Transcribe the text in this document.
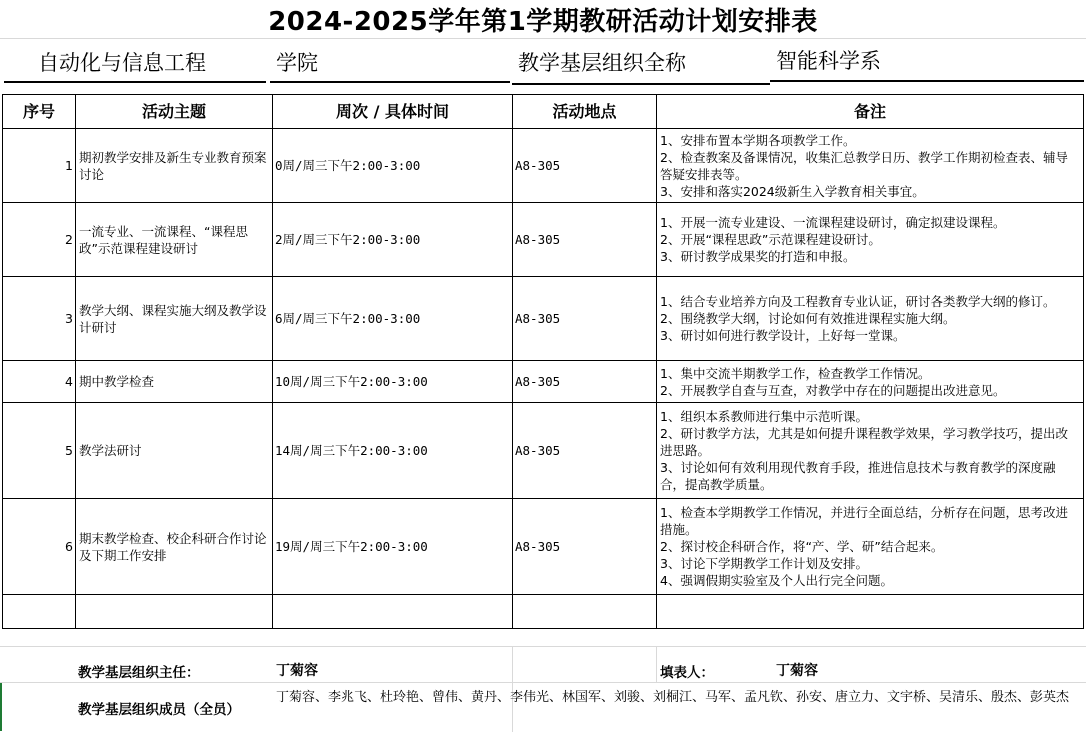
2024-2025学年第1学期教研活动计划安排表
自动化与信息工程	学院	教学基层组织全称	智能科学系
序号	活动主题	周次 / 具体时间	活动地点	备注
1	期初教学安排及新生专业教育预案讨论	0周/周三下午2:00-3:00	A8-305	1、安排布置本学期各项教学工作。
2、检查教案及备课情况，收集汇总教学日历、教学工作期初检查表、辅导答疑安排表等。
3、安排和落实2024级新生入学教育相关事宜。

2	一流专业、一流课程、“课程思政”示范课程建设研讨	2周/周三下午2:00-3:00	A8-305	1、开展一流专业建设、一流课程建设研讨，确定拟建设课程。
2、开展“课程思政”示范课程建设研讨。
3、研讨教学成果奖的打造和申报。

3	教学大纲、课程实施大纲及教学设计研讨	6周/周三下午2:00-3:00	A8-305	1、结合专业培养方向及工程教育专业认证，研讨各类教学大纲的修订。
2、围绕教学大纲，讨论如何有效推进课程实施大纲。
3、研讨如何进行教学设计，上好每一堂课。

4	期中教学检查	10周/周三下午2:00-3:00	A8-305	1、集中交流半期教学工作，检查教学工作情况。
2、开展教学自查与互查，对教学中存在的问题提出改进意见。

5	教学法研讨	14周/周三下午2:00-3:00	A8-305	1、组织本系教师进行集中示范听课。
2、研讨教学方法，尤其是如何提升课程教学效果，学习教学技巧，提出改进思路。
3、讨论如何有效利用现代教育手段，推进信息技术与教育教学的深度融合，提高教学质量。

6	期末教学检查、校企科研合作讨论及下期工作安排	19周/周三下午2:00-3:00	A8-305	1、检查本学期教学工作情况，并进行全面总结，分析存在问题，思考改进措施。
2、探讨校企科研合作，将“产、学、研”结合起来。
3、讨论下学期教学工作计划及安排。
4、强调假期实验室及个人出行完全问题。

教学基层组织主任：	丁菊容	填表人：	丁菊容
教学基层组织成员（全员）
丁菊容、李兆飞、杜玲艳、曾伟、黄丹、李伟光、林国军、刘骏、刘桐江、马军、孟凡钦、孙安、唐立力、文宇桥、吴清乐、殷杰、彭英杰
